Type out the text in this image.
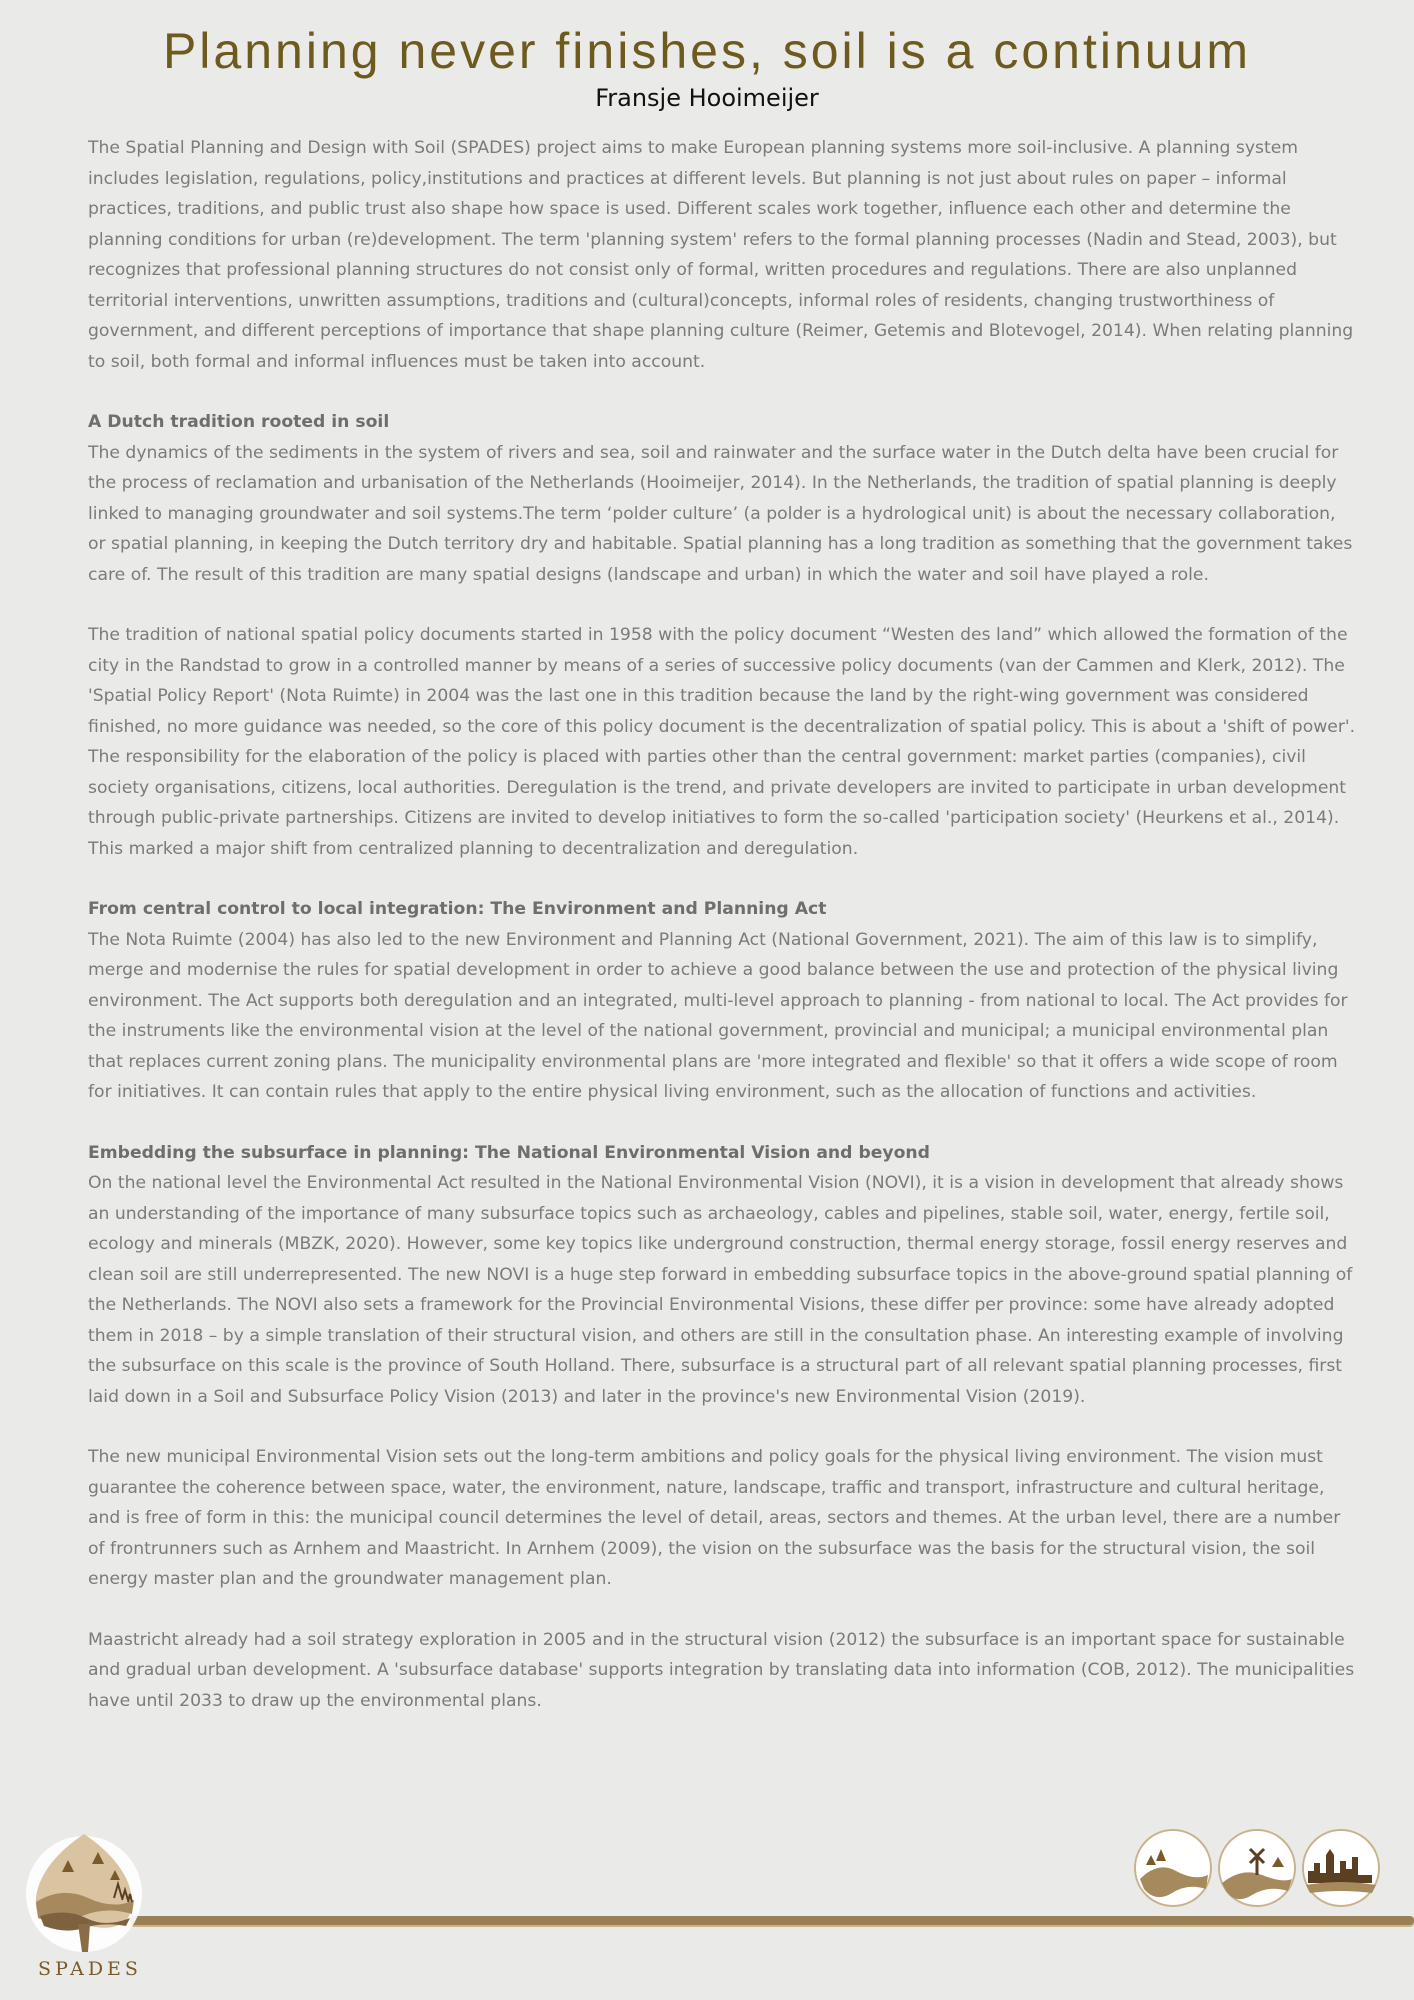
Planning never finishes, soil is a continuum
Fransje Hooimeijer

The Spatial Planning and Design with Soil (SPADES) project aims to make European planning systems more soil-inclusive. A planning system includes legislation, regulations, policy,institutions and practices at different levels. But planning is not just about rules on paper – informal practices, traditions, and public trust also shape how space is used. Different scales work together, influence each other and determine the planning conditions for urban (re)development. The term 'planning system' refers to the formal planning processes (Nadin and Stead, 2003), but recognizes that professional planning structures do not consist only of formal, written procedures and regulations. There are also unplanned territorial interventions, unwritten assumptions, traditions and (cultural)concepts, informal roles of residents, changing trustworthiness of government, and different perceptions of importance that shape planning culture (Reimer, Getemis and Blotevogel, 2014). When relating planning to soil, both formal and informal influences must be taken into account.

A Dutch tradition rooted in soil

The dynamics of the sediments in the system of rivers and sea, soil and rainwater and the surface water in the Dutch delta have been crucial for the process of reclamation and urbanisation of the Netherlands (Hooimeijer, 2014). In the Netherlands, the tradition of spatial planning is deeply linked to managing groundwater and soil systems.The term ‘polder culture’ (a polder is a hydrological unit) is about the necessary collaboration, or spatial planning, in keeping the Dutch territory dry and habitable. Spatial planning has a long tradition as something that the government takes care of. The result of this tradition are many spatial designs (landscape and urban) in which the water and soil have played a role.

The tradition of national spatial policy documents started in 1958 with the policy document “Westen des land” which allowed the formation of the city in the Randstad to grow in a controlled manner by means of a series of successive policy documents (van der Cammen and Klerk, 2012). The 'Spatial Policy Report' (Nota Ruimte) in 2004 was the last one in this tradition because the land by the right-wing government was considered finished, no more guidance was needed, so the core of this policy document is the decentralization of spatial policy. This is about a 'shift of power'. The responsibility for the elaboration of the policy is placed with parties other than the central government: market parties (companies), civil society organisations, citizens, local authorities. Deregulation is the trend, and private developers are invited to participate in urban development through public-private partnerships. Citizens are invited to develop initiatives to form the so-called 'participation society' (Heurkens et al., 2014). This marked a major shift from centralized planning to decentralization and deregulation.

From central control to local integration: The Environment and Planning Act

The Nota Ruimte (2004) has also led to the new Environment and Planning Act (National Government, 2021). The aim of this law is to simplify, merge and modernise the rules for spatial development in order to achieve a good balance between the use and protection of the physical living environment. The Act supports both deregulation and an integrated, multi-level approach to planning - from national to local. The Act provides for the instruments like the environmental vision at the level of the national government, provincial and municipal; a municipal environmental plan that replaces current zoning plans. The municipality environmental plans are 'more integrated and flexible' so that it offers a wide scope of room for initiatives. It can contain rules that apply to the entire physical living environment, such as the allocation of functions and activities.

Embedding the subsurface in planning: The National Environmental Vision and beyond

On the national level the Environmental Act resulted in the National Environmental Vision (NOVI), it is a vision in development that already shows an understanding of the importance of many subsurface topics such as archaeology, cables and pipelines, stable soil, water, energy, fertile soil, ecology and minerals (MBZK, 2020). However, some key topics like underground construction, thermal energy storage, fossil energy reserves and clean soil are still underrepresented. The new NOVI is a huge step forward in embedding subsurface topics in the above-ground spatial planning of the Netherlands. The NOVI also sets a framework for the Provincial Environmental Visions, these differ per province: some have already adopted them in 2018 – by a simple translation of their structural vision, and others are still in the consultation phase. An interesting example of involving the subsurface on this scale is the province of South Holland. There, subsurface is a structural part of all relevant spatial planning processes, first laid down in a Soil and Subsurface Policy Vision (2013) and later in the province's new Environmental Vision (2019).

The new municipal Environmental Vision sets out the long-term ambitions and policy goals for the physical living environment. The vision must guarantee the coherence between space, water, the environment, nature, landscape, traffic and transport, infrastructure and cultural heritage, and is free of form in this: the municipal council determines the level of detail, areas, sectors and themes. At the urban level, there are a number of frontrunners such as Arnhem and Maastricht. In Arnhem (2009), the vision on the subsurface was the basis for the structural vision, the soil energy master plan and the groundwater management plan.

Maastricht already had a soil strategy exploration in 2005 and in the structural vision (2012) the subsurface is an important space for sustainable and gradual urban development. A 'subsurface database' supports integration by translating data into information (COB, 2012). The municipalities have until 2033 to draw up the environmental plans.

SPADES
